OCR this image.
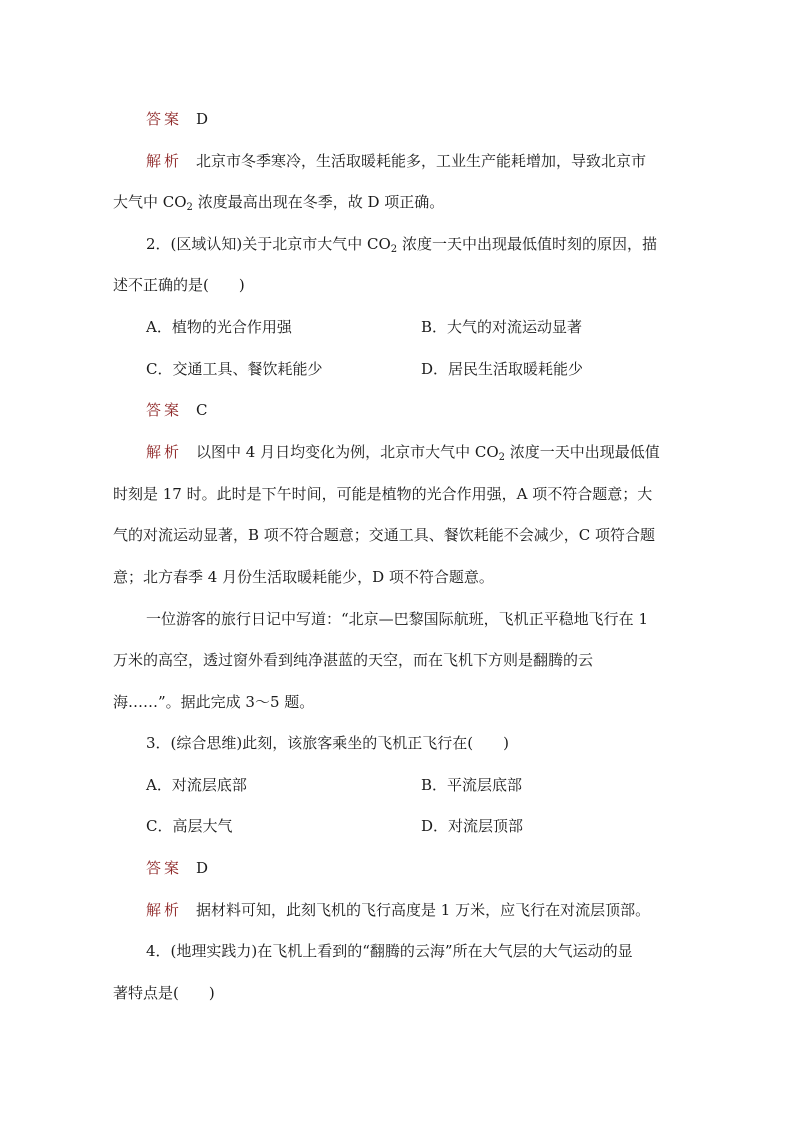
答案 D
解析 北京市冬季寒冷，生活取暖耗能多，工业生产能耗增加，导致北京市
大气中 $CO_2$ 浓度最高出现在冬季，故 D 项正确。
2．(区域认知)关于北京市大气中 $CO_2$ 浓度一天中出现最低值时刻的原因，描
述不正确的是(　　)
A．植物的光合作用强	B．大气的对流运动显著
C．交通工具、餐饮耗能少	D．居民生活取暖耗能少
答案 C
解析 以图中 4 月日均变化为例，北京市大气中 $CO_2$ 浓度一天中出现最低值
时刻是 17 时。此时是下午时间，可能是植物的光合作用强，A 项不符合题意；大
气的对流运动显著，B 项不符合题意；交通工具、餐饮耗能不会减少，C 项符合题
意；北方春季 4 月份生活取暖耗能少，D 项不符合题意。
一位游客的旅行日记中写道：“北京—巴黎国际航班，飞机正平稳地飞行在 1
万米的高空，透过窗外看到纯净湛蓝的天空，而在飞机下方则是翻腾的云
海……”。据此完成 3～5 题。
3．(综合思维)此刻，该旅客乘坐的飞机正飞行在(　　)
A．对流层底部	B．平流层底部
C．高层大气	D．对流层顶部
答案 D
解析 据材料可知，此刻飞机的飞行高度是 1 万米，应飞行在对流层顶部。
4．(地理实践力)在飞机上看到的“翻腾的云海”所在大气层的大气运动的显
著特点是(　　)
